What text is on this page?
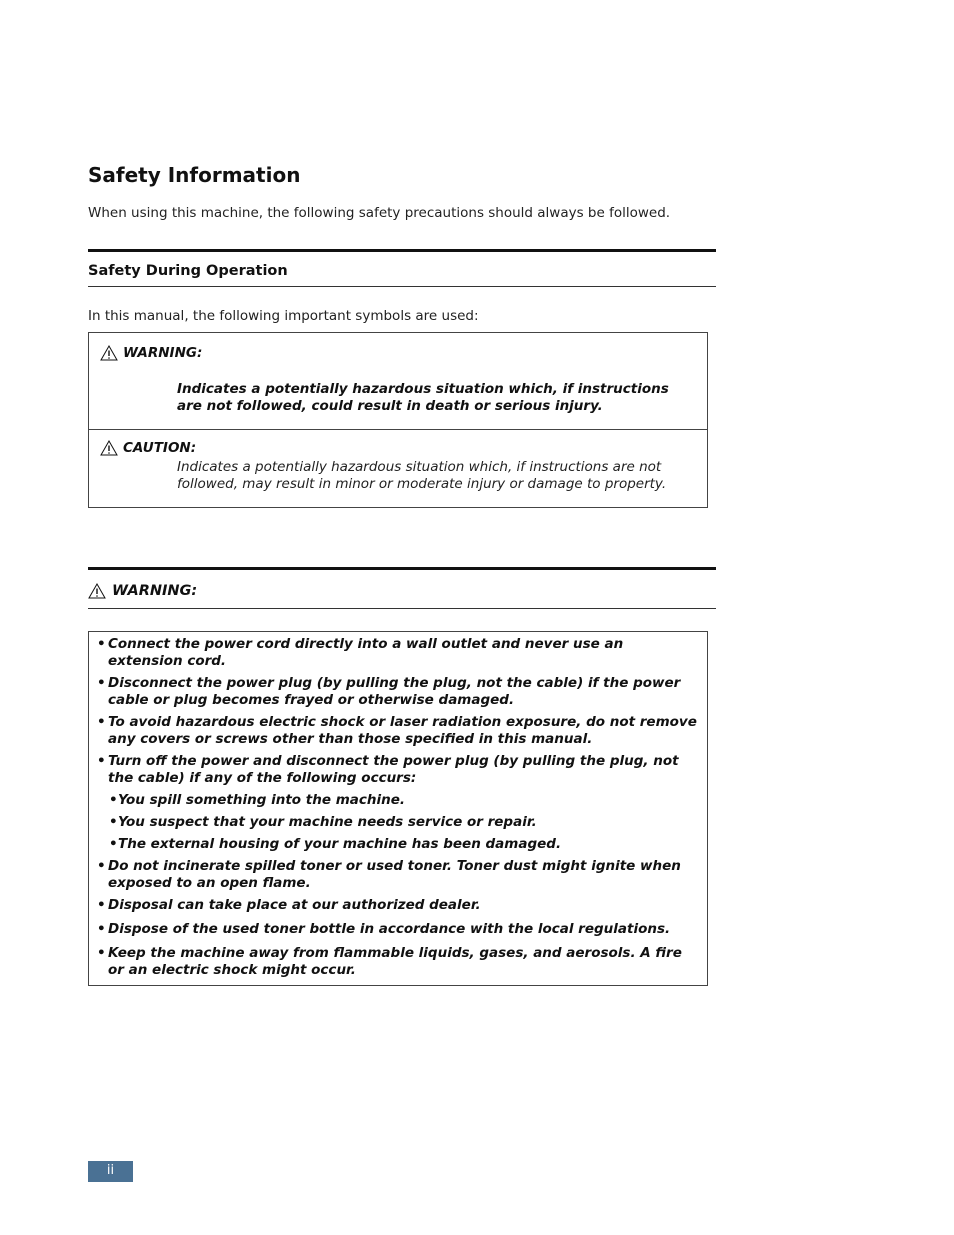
Safety Information

When using this machine, the following safety precautions should always be followed.

Safety During Operation

In this manual, the following important symbols are used:

WARNING:

Indicates a potentially hazardous situation which, if instructions are not followed, could result in death or serious injury.

CAUTION:

Indicates a potentially hazardous situation which, if instructions are not followed, may result in minor or moderate injury or damage to property.

WARNING:
• Connect the power cord directly into a wall outlet and never use an extension cord.
• Disconnect the power plug (by pulling the plug, not the cable) if the power cable or plug becomes frayed or otherwise damaged.
• To avoid hazardous electric shock or laser radiation exposure, do not remove any covers or screws other than those specified in this manual.
• Turn off the power and disconnect the power plug (by pulling the plug, not the cable) if any of the following occurs:
• You spill something into the machine.
• You suspect that your machine needs service or repair.
• The external housing of your machine has been damaged.
• Do not incinerate spilled toner or used toner. Toner dust might ignite when exposed to an open flame.
• Disposal can take place at our authorized dealer.
• Dispose of the used toner bottle in accordance with the local regulations.
• Keep the machine away from flammable liquids, gases, and aerosols. A fire or an electric shock might occur.
ii
